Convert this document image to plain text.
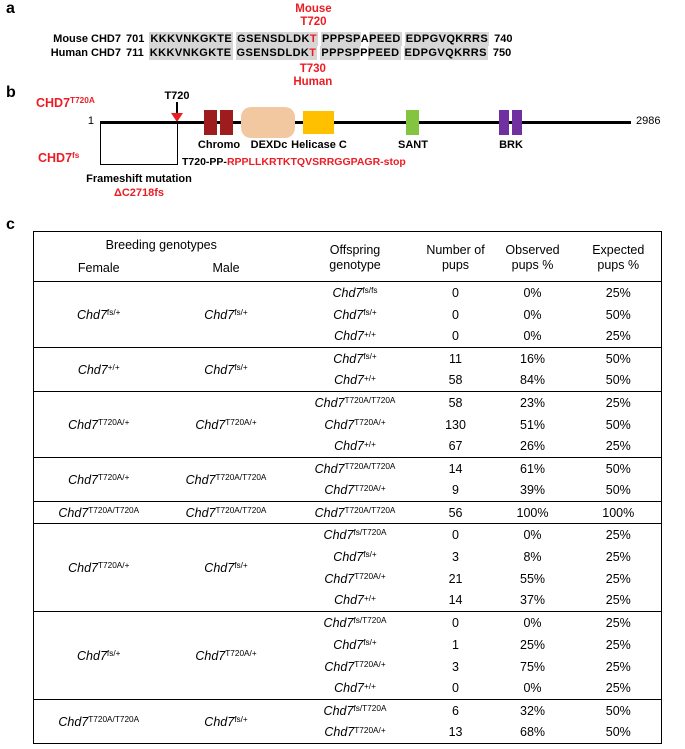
a	Mouse
T720
T730
Human
Mouse CHD7 701 KKKVNKGKTE GSENSDLDKT PPPSPAPEED EDPGVQKRRS 740
Human CHD7 711 KKKVNKGKTE GSENSDLDKT PPPSPPPEED EDPGVQKRRS 750
b
$CHD7^{T720A}$	T720
1	2986
Chromo DEXDc Helicase C	SANT	BRK
$CHD7^{fs}$
T720-PP-RPPLLKRTKTQVSRRGGPAGR-stop
Frameshift mutation
ΔC2718fs
c
Breeding genotypes		Offspring genotype	Number of pups	Observed pups %	Expected pups %
Female	Male				
$Chd7^{fs/+}$	$Chd7^{fs/+}$	$Chd7^{fs/fs}$	0	0%	25%
		$Chd7^{fs/+}$	0	0%	50%
		Chd7+/+	0	0%	25%
Chd7+/+	$Chd7^{fs/+}$	$Chd7^{fs/+}$	11	16%	50%
		Chd7+/+	58	84%	50%
$Chd7^{T720A/+}$	$Chd7^{T720A/+}$	$Chd7^{T720A/T720A}$	58	23%	25%
		$Chd7^{T720A/+}$	130	51%	50%
		Chd7+/+	67	26%	25%
$Chd7^{T720A/+}$	$Chd7^{T720A/T720A}$	$Chd7^{T720A/T720A}$	14	61%	50%
		$Chd7^{T720A/+}$	9	39%	50%
$Chd7^{T720A/T720A}$	$Chd7^{T720A/T720A}$	$Chd7^{T720A/T720A}$	56	100%	100%
$Chd7^{T720A/+}$	$Chd7^{fs/+}$	$Chd7^{fs/T720A}$	0	0%	25%
		$Chd7^{fs/+}$	3	8%	25%
		$Chd7^{T720A/+}$	21	55%	25%
		Chd7+/+	14	37%	25%
$Chd7^{fs/+}$	$Chd7^{T720A/+}$	$Chd7^{fs/T720A}$	0	0%	25%
		$Chd7^{fs/+}$	1	25%	25%
		$Chd7^{T720A/+}$	3	75%	25%
		Chd7+/+	0	0%	25%
$Chd7^{T720A/T720A}$	$Chd7^{fs/+}$	$Chd7^{fs/T720A}$	6	32%	50%
		$Chd7^{T720A/+}$	13	68%	50%
